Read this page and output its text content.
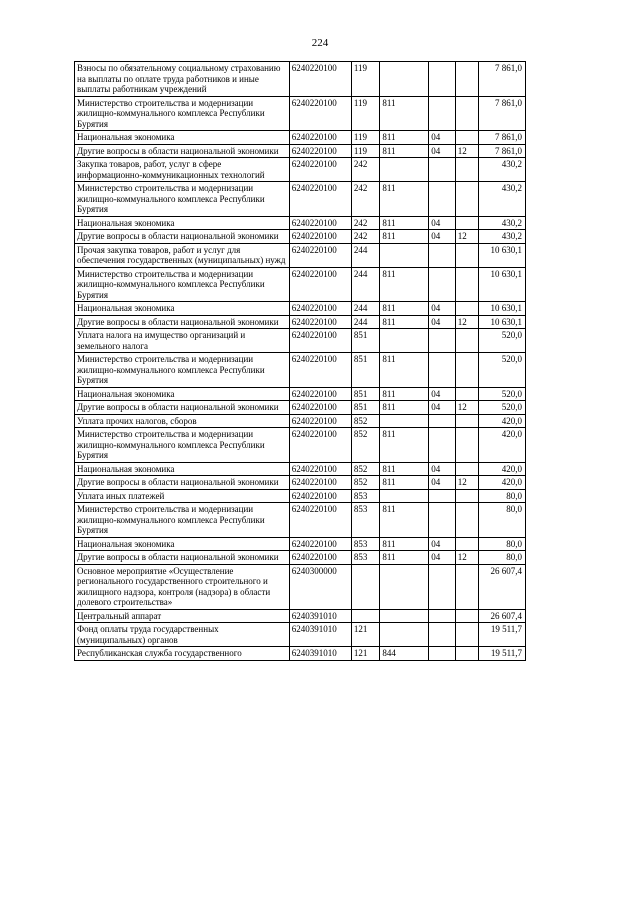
224
Взносы по обязательному социальному страхованию на выплаты по оплате труда работников и иные выплаты работникам учреждений	6240220100	119				7 861,0
Министерство строительства и модернизации жилищно-коммунального комплекса Республики Бурятия	6240220100	119	811			7 861,0
Национальная экономика	6240220100	119	811	04		7 861,0
Другие вопросы в области национальной экономики	6240220100	119	811	04	12	7 861,0
Закупка товаров, работ, услуг в сфере информационно-коммуникационных технологий	6240220100	242				430,2
Министерство строительства и модернизации жилищно-коммунального комплекса Республики Бурятия	6240220100	242	811			430,2
Национальная экономика	6240220100	242	811	04		430,2
Другие вопросы в области национальной экономики	6240220100	242	811	04	12	430,2
Прочая закупка товаров, работ и услуг для обеспечения государственных (муниципальных) нужд	6240220100	244				10 630,1
Министерство строительства и модернизации жилищно-коммунального комплекса Республики Бурятия	6240220100	244	811			10 630,1
Национальная экономика	6240220100	244	811	04		10 630,1
Другие вопросы в области национальной экономики	6240220100	244	811	04	12	10 630,1
Уплата налога на имущество организаций и земельного налога	6240220100	851				520,0
Министерство строительства и модернизации жилищно-коммунального комплекса Республики Бурятия	6240220100	851	811			520,0
Национальная экономика	6240220100	851	811	04		520,0
Другие вопросы в области национальной экономики	6240220100	851	811	04	12	520,0
Уплата прочих налогов, сборов	6240220100	852				420,0
Министерство строительства и модернизации жилищно-коммунального комплекса Республики Бурятия	6240220100	852	811			420,0
Национальная экономика	6240220100	852	811	04		420,0
Другие вопросы в области национальной экономики	6240220100	852	811	04	12	420,0
Уплата иных платежей	6240220100	853				80,0
Министерство строительства и модернизации жилищно-коммунального комплекса Республики Бурятия	6240220100	853	811			80,0
Национальная экономика	6240220100	853	811	04		80,0
Другие вопросы в области национальной экономики	6240220100	853	811	04	12	80,0
Основное мероприятие «Осуществление регионального государственного строительного и жилищного надзора, контроля (надзора) в области долевого строительства»	6240300000					26 607,4
Центральный аппарат	6240391010					26 607,4
Фонд оплаты труда государственных (муниципальных) органов	6240391010	121				19 511,7
Республиканская служба государственного	6240391010	121	844			19 511,7
